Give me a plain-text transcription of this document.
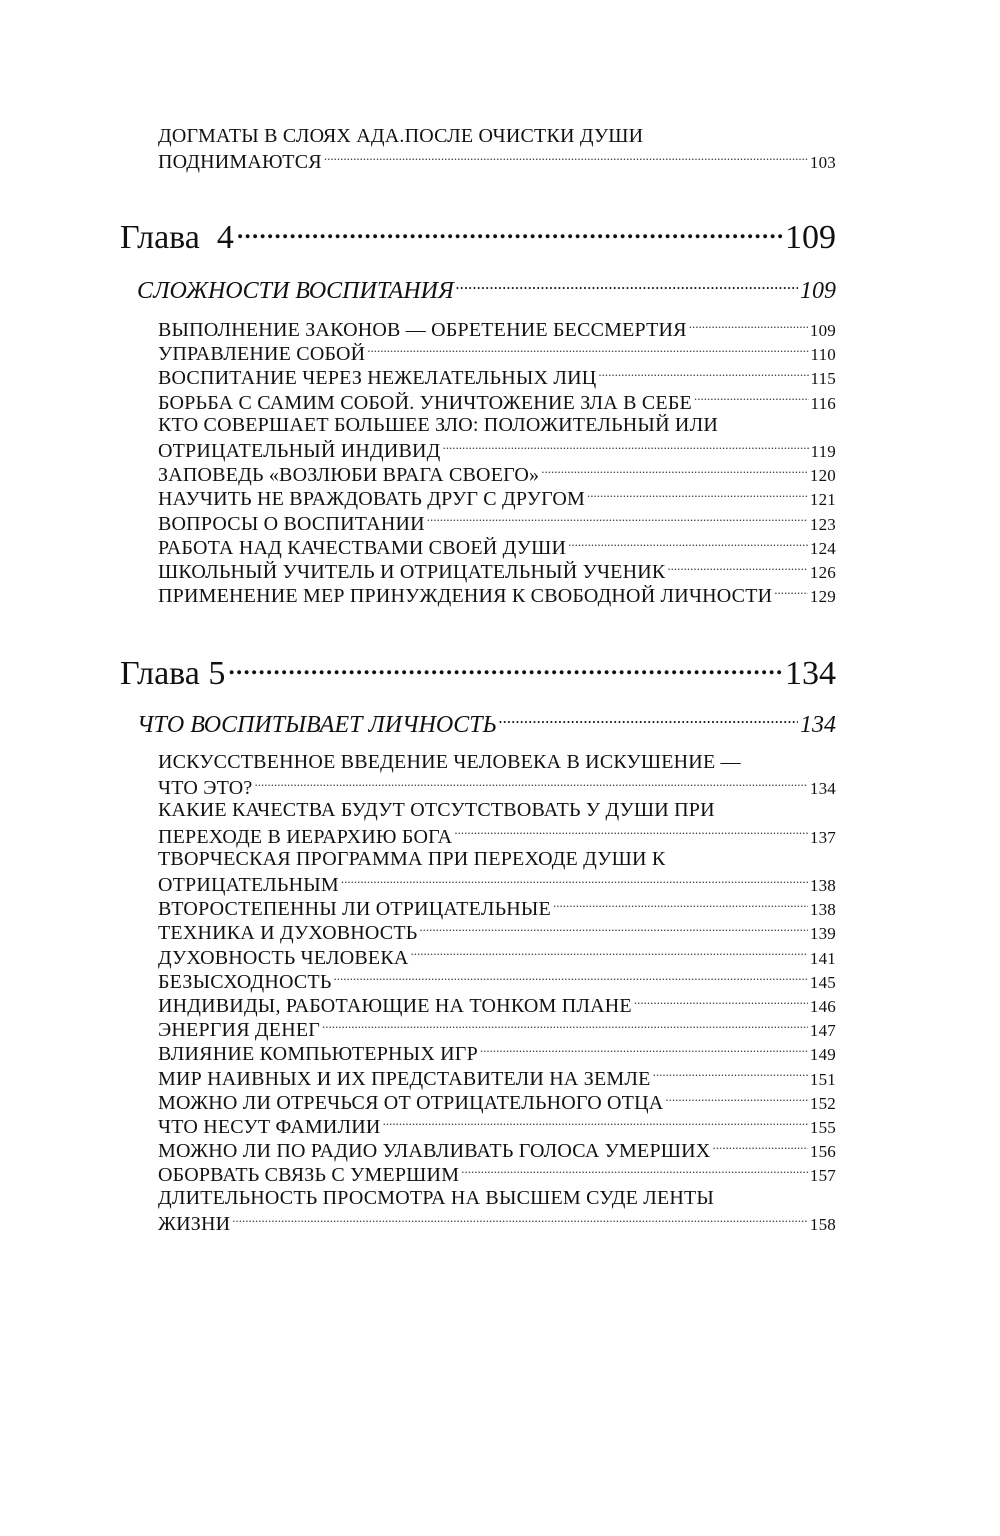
ДОГМАТЫ В СЛОЯХ АДА.ПОСЛЕ ОЧИСТКИ ДУШИ
ПОДНИМАЮТСЯ .....	103
Глава  4 .....	109
СЛОЖНОСТИ ВОСПИТАНИЯ .....	109
ВЫПОЛНЕНИЕ ЗАКОНОВ — ОБРЕТЕНИЕ БЕССМЕРТИЯ .....	109
УПРАВЛЕНИЕ СОБОЙ .....	110
ВОСПИТАНИЕ ЧЕРЕЗ НЕЖЕЛАТЕЛЬНЫХ ЛИЦ .....	115
БОРЬБА С САМИМ СОБОЙ. УНИЧТОЖЕНИЕ ЗЛА В СЕБЕ .....	116
КТО СОВЕРШАЕТ БОЛЬШЕЕ ЗЛО: ПОЛОЖИТЕЛЬНЫЙ ИЛИ
ОТРИЦАТЕЛЬНЫЙ ИНДИВИД .....	119
ЗАПОВЕДЬ «ВОЗЛЮБИ ВРАГА СВОЕГО» .....	120
НАУЧИТЬ НЕ ВРАЖДОВАТЬ ДРУГ С ДРУГОМ .....	121
ВОПРОСЫ О ВОСПИТАНИИ .....	123
РАБОТА НАД КАЧЕСТВАМИ СВОЕЙ ДУШИ .....	124
ШКОЛЬНЫЙ УЧИТЕЛЬ И ОТРИЦАТЕЛЬНЫЙ УЧЕНИК .....	126
ПРИМЕНЕНИЕ МЕР ПРИНУЖДЕНИЯ К СВОБОДНОЙ ЛИЧНОСТИ ..... 129
Глава 5 .....	134
ЧТО ВОСПИТЫВАЕТ ЛИЧНОСТЬ .....	134
ИСКУССТВЕННОЕ ВВЕДЕНИЕ ЧЕЛОВЕКА В ИСКУШЕНИЕ —
ЧТО ЭТО? .....	134
КАКИЕ КАЧЕСТВА БУДУТ ОТСУТСТВОВАТЬ У ДУШИ ПРИ
ПЕРЕХОДЕ В ИЕРАРХИЮ БОГА .....	137
ТВОРЧЕСКАЯ ПРОГРАММА ПРИ ПЕРЕХОДЕ ДУШИ К
ОТРИЦАТЕЛЬНЫМ .....	138
ВТОРОСТЕПЕННЫ ЛИ ОТРИЦАТЕЛЬНЫЕ .....	138
ТЕХНИКА И ДУХОВНОСТЬ .....	139
ДУХОВНОСТЬ ЧЕЛОВЕКА .....	141
БЕЗЫСХОДНОСТЬ .....	145
ИНДИВИДЫ, РАБОТАЮЩИЕ НА ТОНКОМ ПЛАНЕ .....	146
ЭНЕРГИЯ ДЕНЕГ .....	147
ВЛИЯНИЕ КОМПЬЮТЕРНЫХ ИГР .....	149
МИР НАИВНЫХ И ИХ ПРЕДСТАВИТЕЛИ НА ЗЕМЛЕ .....	151
МОЖНО ЛИ ОТРЕЧЬСЯ ОТ ОТРИЦАТЕЛЬНОГО ОТЦА .....	152
ЧТО НЕСУТ ФАМИЛИИ .....	155
МОЖНО ЛИ ПО РАДИО УЛАВЛИВАТЬ ГОЛОСА УМЕРШИХ .....	156
ОБОРВАТЬ СВЯЗЬ С УМЕРШИМ .....	157
ДЛИТЕЛЬНОСТЬ ПРОСМОТРА НА ВЫСШЕМ СУДЕ ЛЕНТЫ
ЖИЗНИ .....	158
